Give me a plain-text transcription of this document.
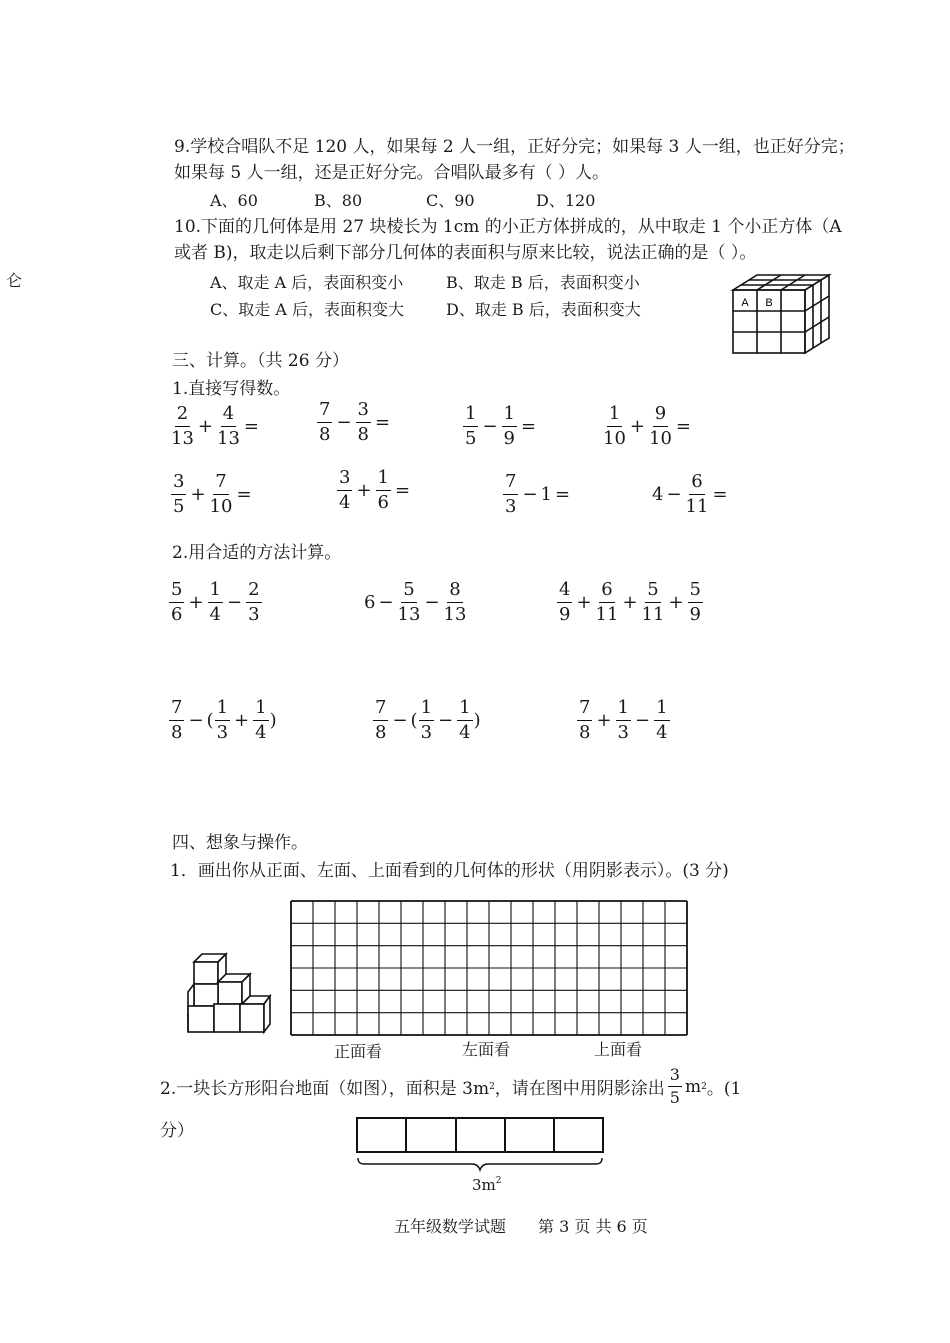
仑
9.学校合唱队不足 120 人，如果每 2 人一组，正好分完；如果每 3 人一组，也正好分完；
如果每 5 人一组，还是正好分完。合唱队最多有（ ）人。
A、60	B、80	C、90	D、120
10.下面的几何体是用 27 块棱长为 1cm 的小正方体拼成的，从中取走 1 个小正方体（A
或者 B)，取走以后剩下部分几何体的表面积与原来比较，说法正确的是（ ）。
A、取走 A 后，表面积变小	B、取走 B 后，表面积变小
C、取走 A 后，表面积变大	D、取走 B 后，表面积变大	A B
三、计算。（共 26 分）
1.直接写得数。
$\frac{2}{13} + \frac{4}{13}$ =	$\frac{7}{8} - \frac{3}{8}$ =	$\frac{1}{5} - \frac{1}{9}$ =	$\frac{1}{10} + \frac{9}{10}$ =
$\frac{3}{5} + \frac{7}{10}$ =	$\frac{3}{4} + \frac{1}{6}$ =	$\frac{7}{3} - 1$ =	$4 - \frac{6}{11}$ =
2.用合适的方法计算。
$\frac{5}{6} + \frac{1}{4} - \frac{2}{3}$	$6 - \frac{5}{13} - \frac{8}{13}$	$\frac{4}{9} + \frac{6}{11} + \frac{5}{11} + \frac{5}{9}$
$\frac{7}{8}$ − ( $\frac{1}{3} + \frac{1}{4}$ )	$\frac{7}{8}$ − ( $\frac{1}{3} - \frac{1}{4}$ )	$\frac{7}{8} + \frac{1}{3} - \frac{1}{4}$
四、想象与操作。
1．画出你从正面、左面、上面看到的几何体的形状（用阴影表示）。(3 分)
正面看	左面看	上面看
2.一块长方形阳台地面（如图），面积是 3m 2 ，请在图中用阴影涂出 $\frac{3}{5}$ m 2 。(1
分）
$3m^2$
五年级数学试题 第 3 页 共 6 页
